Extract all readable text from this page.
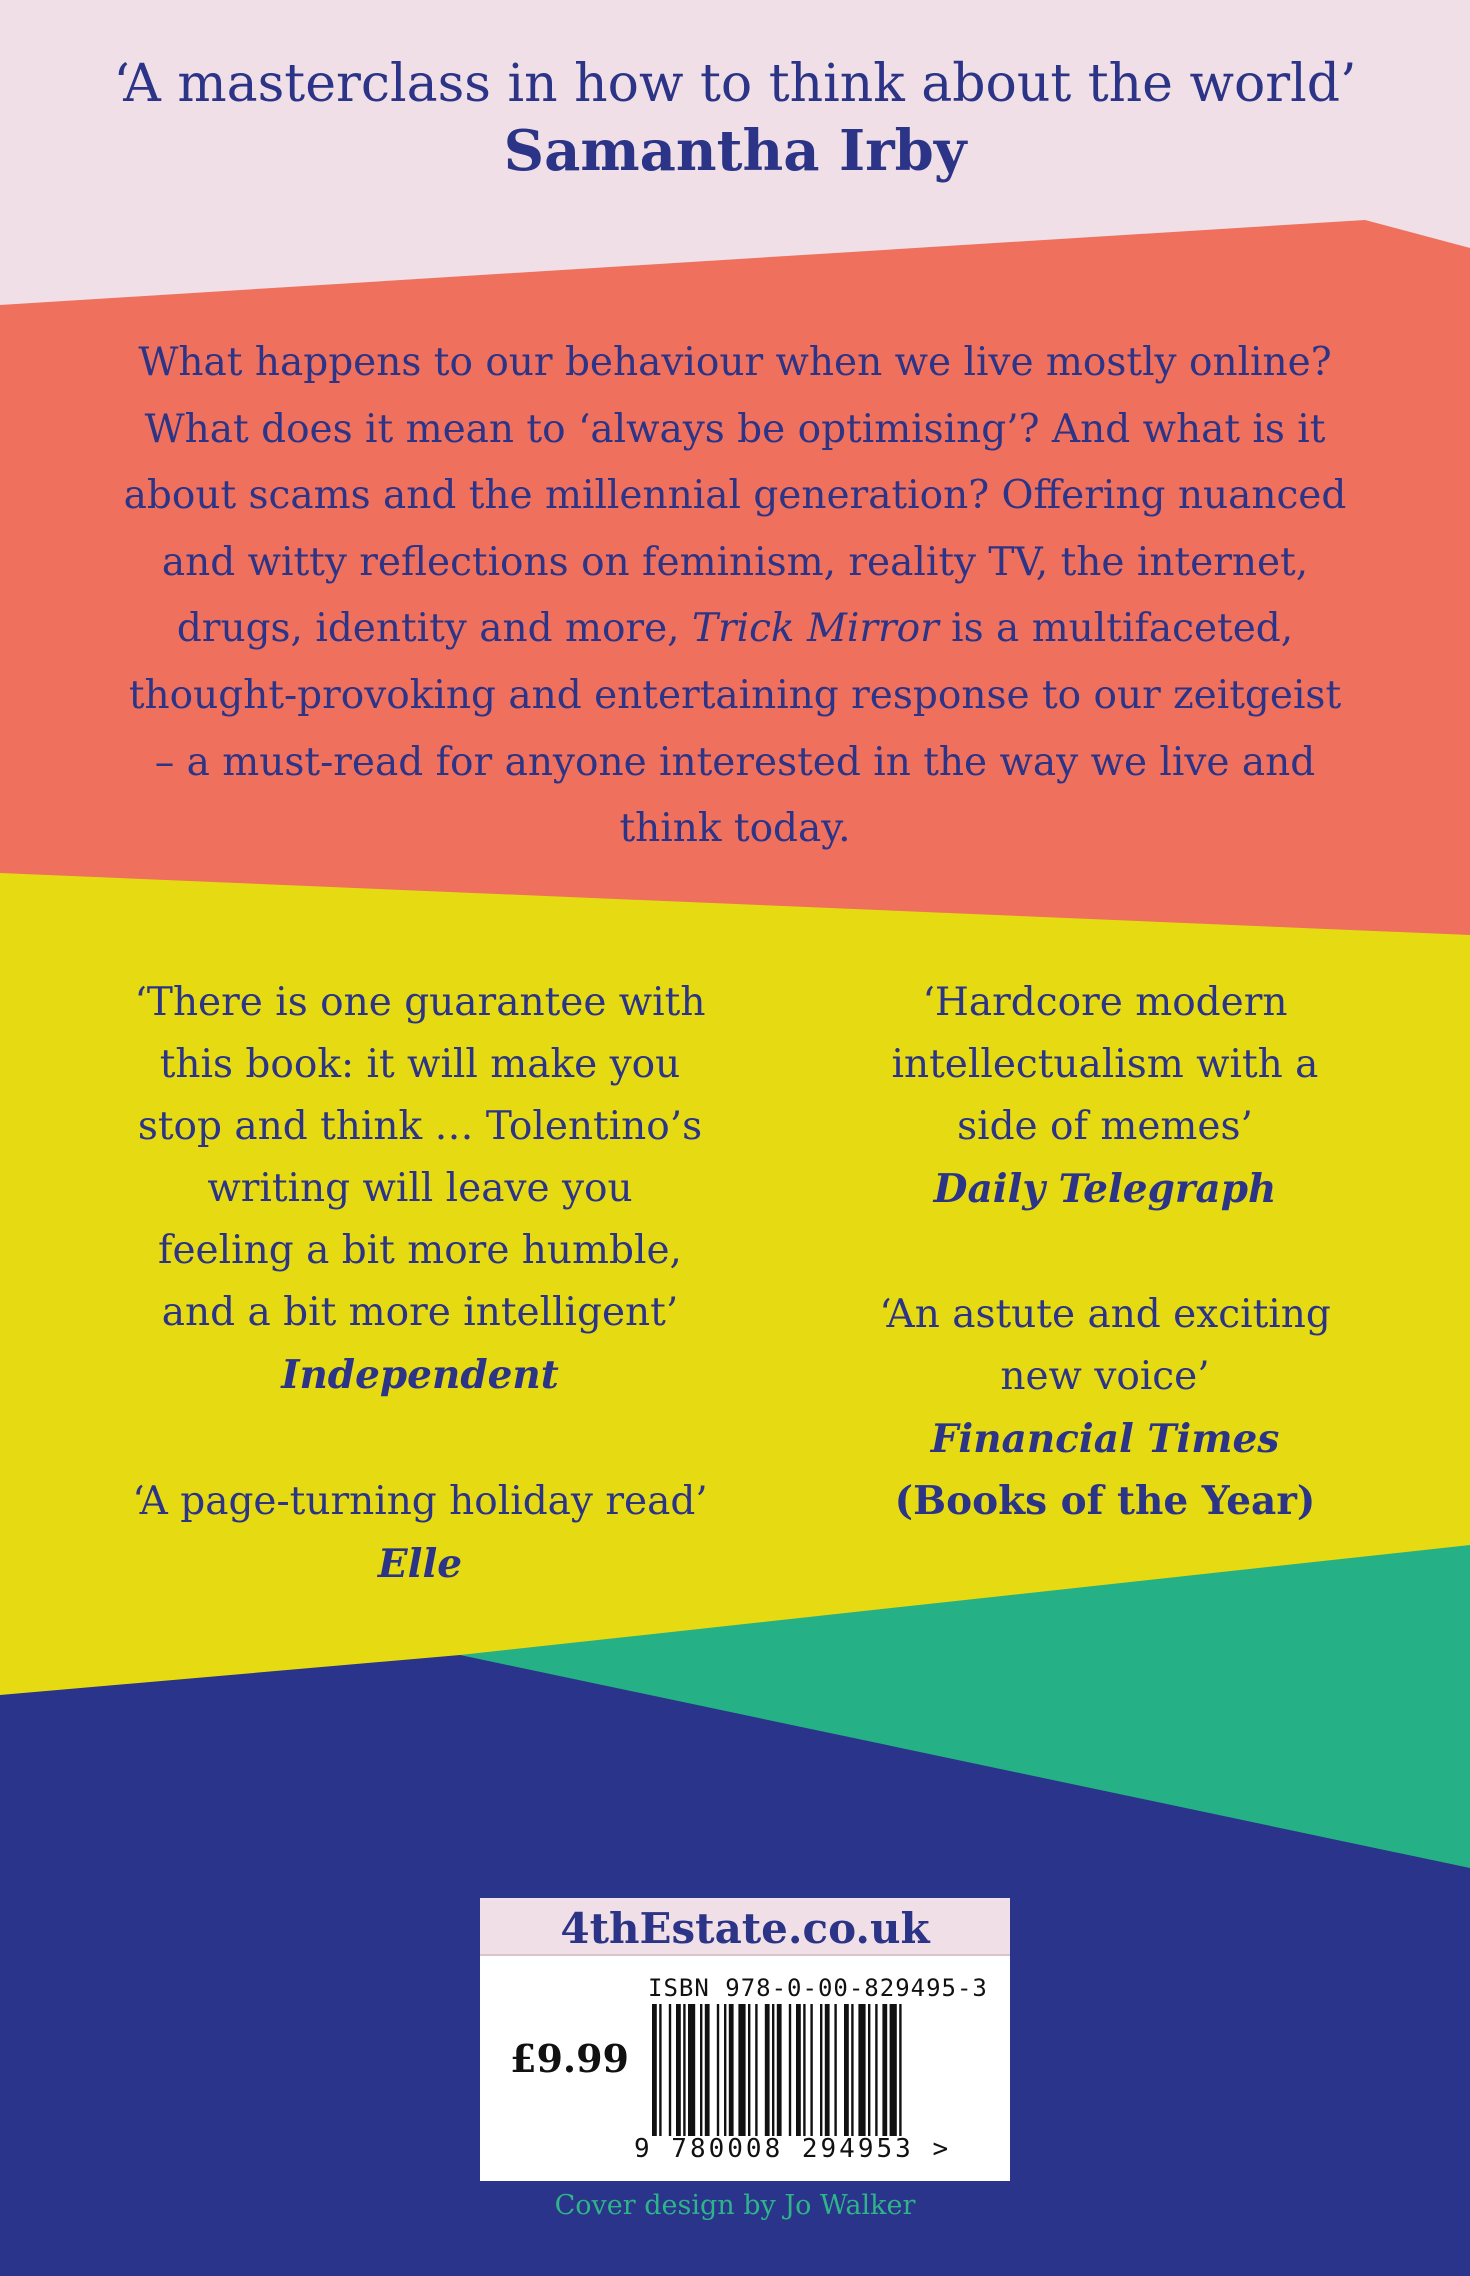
‘A masterclass in how to think about the world’
Samantha Irby
What happens to our behaviour when we live mostly online?
What does it mean to ‘always be optimising’? And what is it
about scams and the millennial generation? Offering nuanced
and witty reflections on feminism, reality TV, the internet,
drugs, identity and more, Trick Mirror is a multifaceted,
thought-provoking and entertaining response to our zeitgeist
– a must-read for anyone interested in the way we live and
think today.
‘There is one guarantee with
this book: it will make you
stop and think … Tolentino’s
writing will leave you
feeling a bit more humble,
and a bit more intelligent’
Independent
‘A page-turning holiday read’
Elle
‘Hardcore modern
intellectualism with a
side of memes’
Daily Telegraph
‘An astute and exciting
new voice’
Financial Times
(Books of the Year)
4thEstate.co.uk
ISBN 978-0-00-829495-3
£9.99
9 780008 294953 >
Cover design by Jo Walker
